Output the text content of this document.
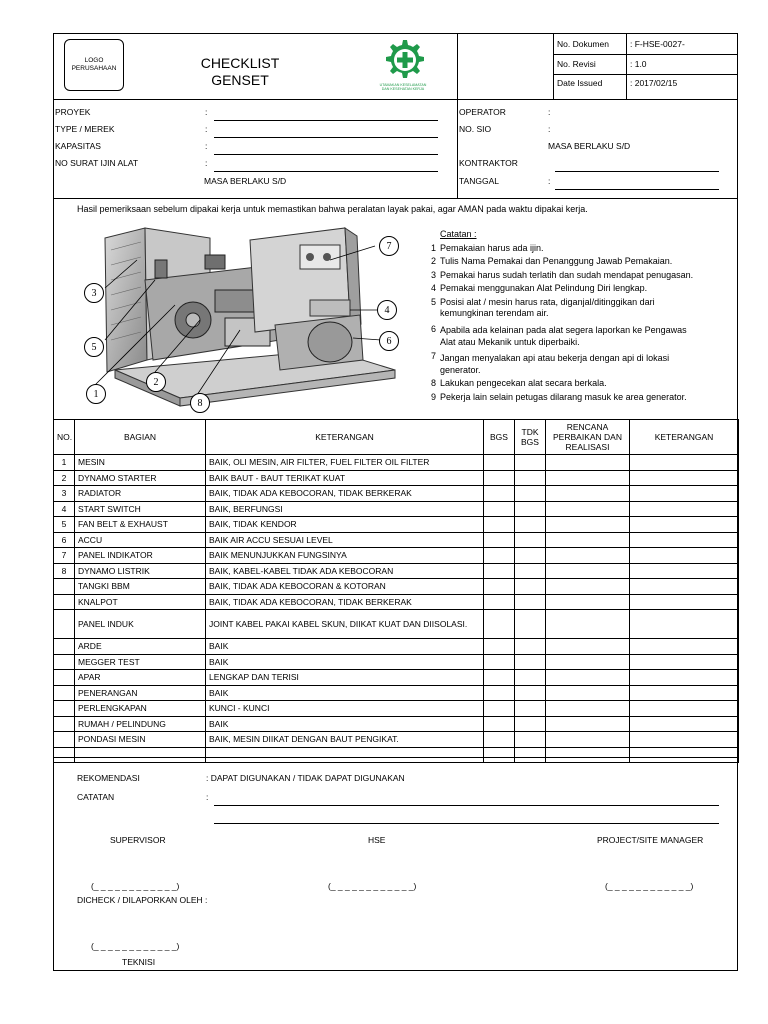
LOGO PERUSAHAAN	CHECKLIST
GENSET	UTAMAKAN KESELAMATAN
DAN KESEHATAN KERJA
No. Dokumen : F-HSE-0027-
No. Revisi	: 1.0
Date Issued	: 2017/02/15
PROYEK	:
TYPE / MEREK	:
KAPASITAS	:
NO SURAT IJIN ALAT	:
MASA BERLAKU S/D
OPERATOR	:
NO. SIO	:
MASA BERLAKU S/D
KONTRAKTOR
TANGGAL	:
Hasil pemeriksaan sebelum dipakai kerja untuk memastikan bahwa peralatan layak pakai, agar AMAN pada waktu dipakai kerja.
3
5
1
2
8
7
4
6
Catatan :
1 Pemakaian harus ada ijin.
2 Tulis Nama Pemakai dan Penanggung Jawab Pemakaian.
3 Pemakai harus sudah terlatih dan sudah mendapat penugasan.
4 Pemakai menggunakan Alat Pelindung Diri lengkap.
5 Posisi alat / mesin harus rata, diganjal/ditinggikan dari
kemungkinan terendam air.
6 Apabila ada kelainan pada alat segera laporkan ke Pengawas
Alat atau Mekanik untuk diperbaiki.
7 Jangan menyalakan api atau bekerja dengan api di lokasi
generator.
8 Lakukan pengecekan alat secara berkala.
9 Pekerja lain selain petugas dilarang masuk ke area generator.
NO.	BAGIAN	KETERANGAN	BGS	TDK BGS	RENCANA PERBAIKAN DAN REALISASI	KETERANGAN
1	MESIN	BAIK, OLI MESIN, AIR FILTER, FUEL FILTER OIL FILTER				
2	DYNAMO STARTER	BAIK BAUT - BAUT TERIKAT KUAT				
3	RADIATOR	BAIK, TIDAK ADA KEBOCORAN, TIDAK BERKERAK				
4	START SWITCH	BAIK, BERFUNGSI				
5	FAN BELT & EXHAUST	BAIK, TIDAK KENDOR				
6	ACCU	BAIK AIR ACCU SESUAI LEVEL				
7	PANEL INDIKATOR	BAIK MENUNJUKKAN FUNGSINYA				
8	DYNAMO LISTRIK	BAIK, KABEL-KABEL TIDAK ADA KEBOCORAN				
	TANGKI BBM	BAIK, TIDAK ADA KEBOCORAN & KOTORAN				
	KNALPOT	BAIK, TIDAK ADA KEBOCORAN, TIDAK BERKERAK				
	PANEL INDUK	JOINT KABEL PAKAI KABEL SKUN, DIIKAT KUAT DAN DIISOLASI.				
	ARDE	BAIK				
	MEGGER TEST	BAIK				
	APAR	LENGKAP DAN TERISI				
	PENERANGAN	BAIK				
	PERLENGKAPAN	KUNCI - KUNCI				
	RUMAH / PELINDUNG	BAIK				
	PONDASI MESIN	BAIK, MESIN DIIKAT DENGAN BAUT PENGIKAT.				

REKOMENDASI	: DAPAT DIGUNAKAN / TIDAK DAPAT DIGUNAKAN
CATATAN	:
SUPERVISOR	HSE	PROJECT/SITE MANAGER
(_ _ _ _ _ _ _ _ _ _ _ _)	(_ _ _ _ _ _ _ _ _ _ _ _)	(_ _ _ _ _ _ _ _ _ _ _ _)
DICHECK / DILAPORKAN OLEH :
(_ _ _ _ _ _ _ _ _ _ _ _)
TEKNISI
